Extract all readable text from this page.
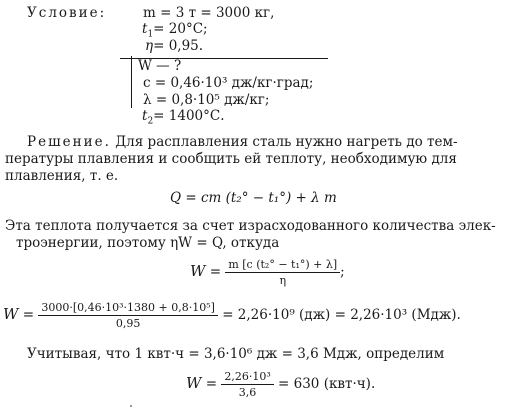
Условие:	m = 3 т = 3000 кг,
$t_1= 20^\circ С$;
η= 0,95.
W — ?
c = 0,46·10³ дж/кг·град;
λ = 0,8·10⁵ дж/кг;
$t_2= 1400^\circ С$.
Решение. Для расплавления сталь нужно нагреть до тем-
пературы плавления и сообщить ей теплоту, необходимую для
плавления, т. е.
Q = cm (t₂° − t₁°) + λ m
Эта теплота получается за счет израсходованного количества элек-
троэнергии, поэтому ηW = Q, откуда
$W = \frac{\text{m [c (t₂° − t₁°) + λ]}}{\eta}$ ;
$W = \frac{\text{3000·[0,46·10³·1380 + 0,8·10⁵]}}{0,95} = 2,26\cdot 10^9$ (дж) = 2,26·10³ (Мдж).
Учитывая, что 1 квт·ч = 3,6·10⁶ дж = 3,6 Мдж, определим
$W = \frac{\text{2,26·10³}}{3,6} = 630$ (квт·ч).
